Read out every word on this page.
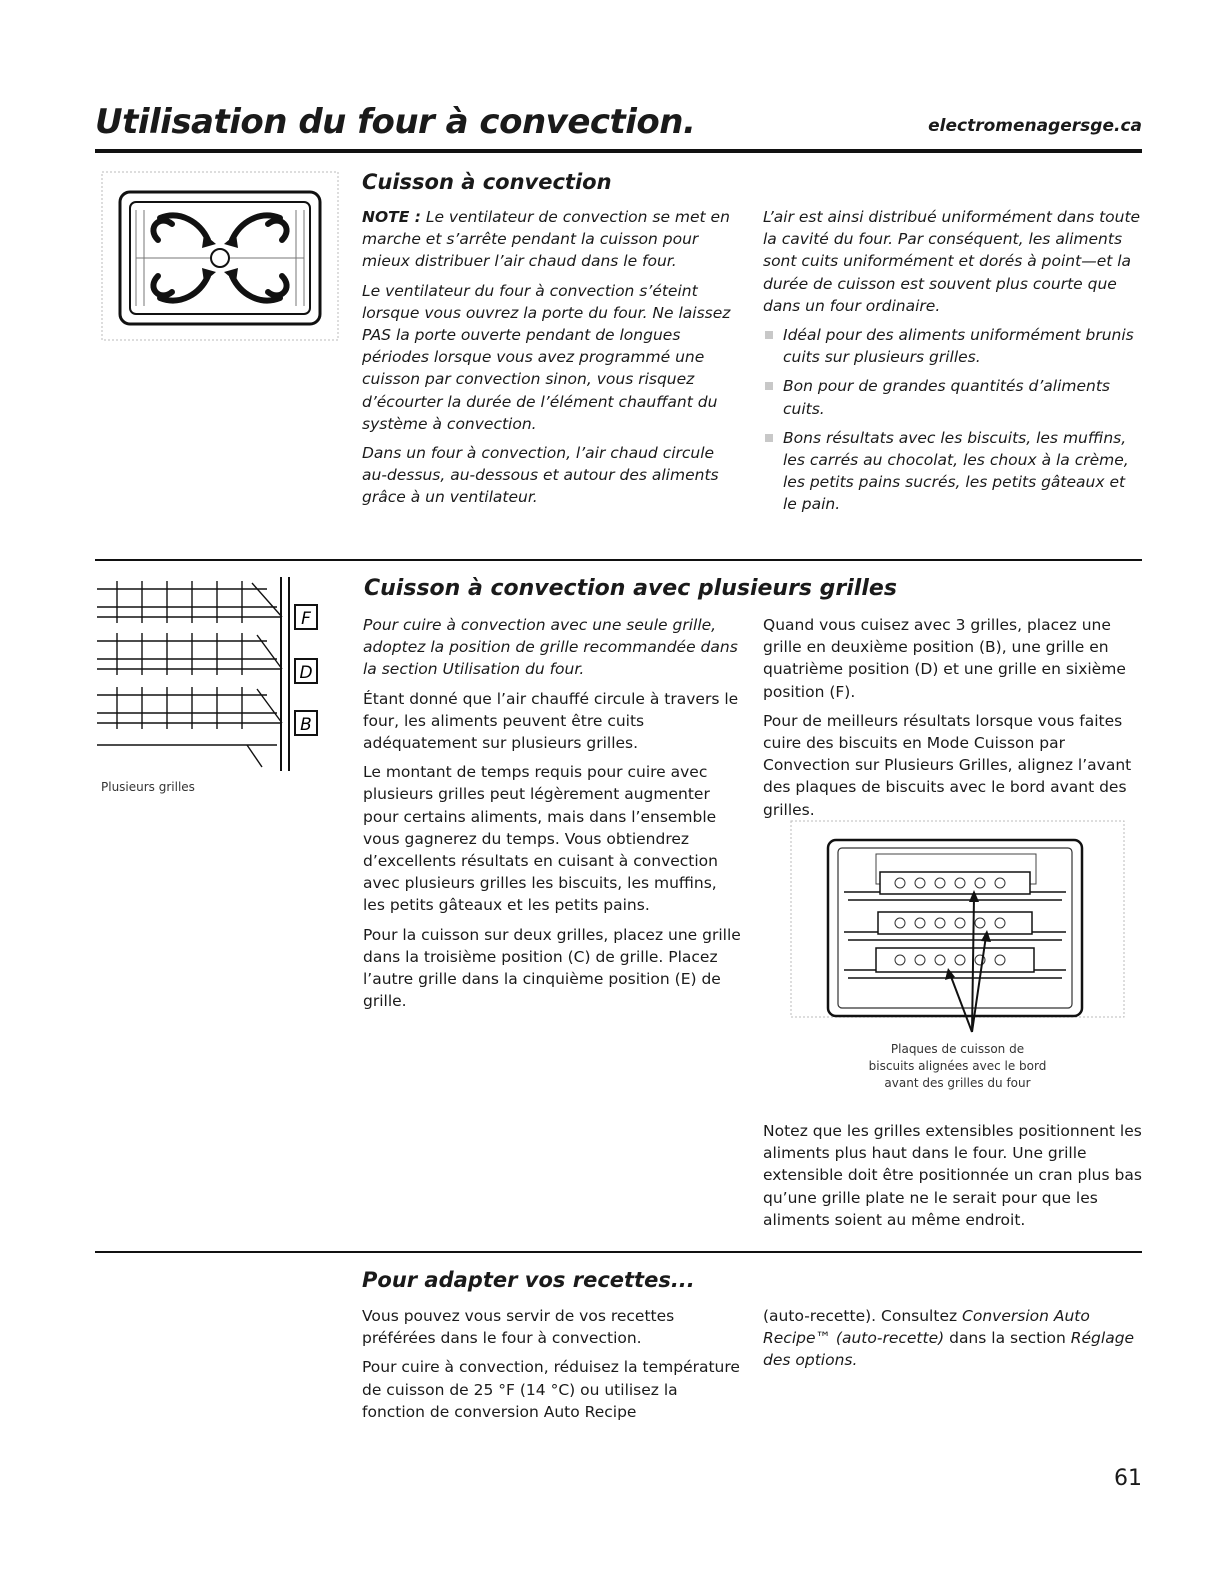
Utilisation du four à convection.	electromenagersge.ca
Cuisson à convection

NOTE : Le ventilateur de convection se met en marche et s’arrête pendant la cuisson pour mieux distribuer l’air chaud dans le four.

Le ventilateur du four à convection s’éteint lorsque vous ouvrez la porte du four. Ne laissez PAS la porte ouverte pendant de longues périodes lorsque vous avez programmé une cuisson par convection sinon, vous risquez d’écourter la durée de l’élément chauffant du système à convection.

Dans un four à convection, l’air chaud circule au-dessus, au-dessous et autour des aliments grâce à un ventilateur.

L’air est ainsi distribué uniformément dans toute la cavité du four. Par conséquent, les aliments sont cuits uniformément et dorés à point—et la durée de cuisson est souvent plus courte que dans un four ordinaire.

Idéal pour des aliments uniformément brunis cuits sur plusieurs grilles.
Bon pour de grandes quantités d’aliments cuits.
Bons résultats avec les biscuits, les muffins, les carrés au chocolat, les choux à la crème, les petits pains sucrés, les petits gâteaux et le pain.
F
D
B
Plusieurs grilles
Cuisson à convection avec plusieurs grilles

Pour cuire à convection avec une seule grille, adoptez la position de grille recommandée dans la section Utilisation du four.

Étant donné que l’air chauffé circule à travers le four, les aliments peuvent être cuits adéquatement sur plusieurs grilles.

Le montant de temps requis pour cuire avec plusieurs grilles peut légèrement augmenter pour certains aliments, mais dans l’ensemble vous gagnerez du temps. Vous obtiendrez d’excellents résultats en cuisant à convection avec plusieurs grilles les biscuits, les muffins, les petits gâteaux et les petits pains.

Pour la cuisson sur deux grilles, placez une grille dans la troisième position (C) de grille. Placez l’autre grille dans la cinquième position (E) de grille.

Quand vous cuisez avec 3 grilles, placez une grille en deuxième position (B), une grille en quatrième position (D) et une grille en sixième position (F).

Pour de meilleurs résultats lorsque vous faites cuire des biscuits en Mode Cuisson par Convection sur Plusieurs Grilles, alignez l’avant des plaques de biscuits avec le bord avant des grilles.

Plaques de cuisson de
biscuits alignées avec le bord
avant des grilles du four

Notez que les grilles extensibles positionnent les aliments plus haut dans le four. Une grille extensible doit être positionnée un cran plus bas qu’une grille plate ne le serait pour que les aliments soient au même endroit.

Pour adapter vos recettes...

Vous pouvez vous servir de vos recettes préférées dans le four à convection.

Pour cuire à convection, réduisez la température de cuisson de 25 °F (14 °C) ou utilisez la fonction de conversion Auto Recipe

(auto-recette). Consultez Conversion Auto Recipe™ (auto-recette) dans la section Réglage des options.

61
